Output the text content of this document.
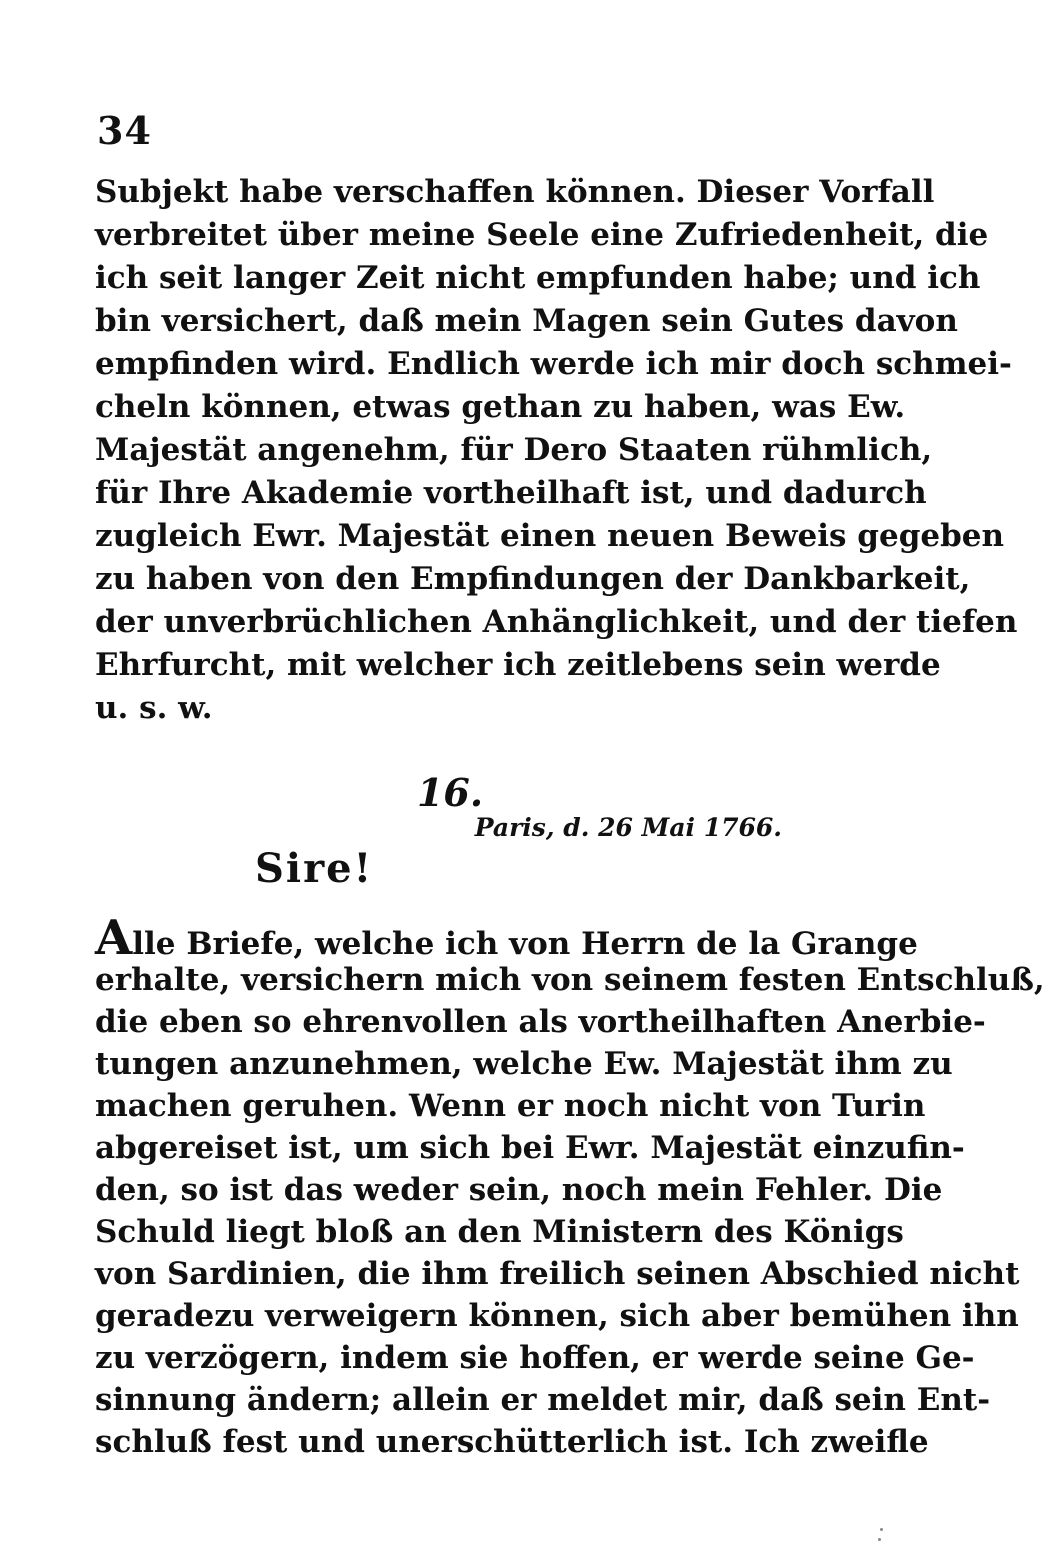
34
Subjekt habe verschaffen können. Dieser Vorfall
verbreitet über meine Seele eine Zufriedenheit, die
ich seit langer Zeit nicht empfunden habe; und ich
bin versichert, daß mein Magen sein Gutes davon
empfinden wird. Endlich werde ich mir doch schmei-
cheln können, etwas gethan zu haben, was Ew.
Majestät angenehm, für Dero Staaten rühmlich,
für Ihre Akademie vortheilhaft ist, und dadurch
zugleich Ewr. Majestät einen neuen Beweis gegeben
zu haben von den Empfindungen der Dankbarkeit,
der unverbrüchlichen Anhänglichkeit, und der tiefen
Ehrfurcht, mit welcher ich zeitlebens sein werde
u. s. w.
16.
Paris, d. 26 Mai 1766.
Sire!
Alle Briefe, welche ich von Herrn de la Grange
erhalte, versichern mich von seinem festen Entschluß,
die eben so ehrenvollen als vortheilhaften Anerbie-
tungen anzunehmen, welche Ew. Majestät ihm zu
machen geruhen. Wenn er noch nicht von Turin
abgereiset ist, um sich bei Ewr. Majestät einzufin-
den, so ist das weder sein, noch mein Fehler. Die
Schuld liegt bloß an den Ministern des Königs
von Sardinien, die ihm freilich seinen Abschied nicht
geradezu verweigern können, sich aber bemühen ihn
zu verzögern, indem sie hoffen, er werde seine Ge-
sinnung ändern; allein er meldet mir, daß sein Ent-
schluß fest und unerschütterlich ist. Ich zweifle
